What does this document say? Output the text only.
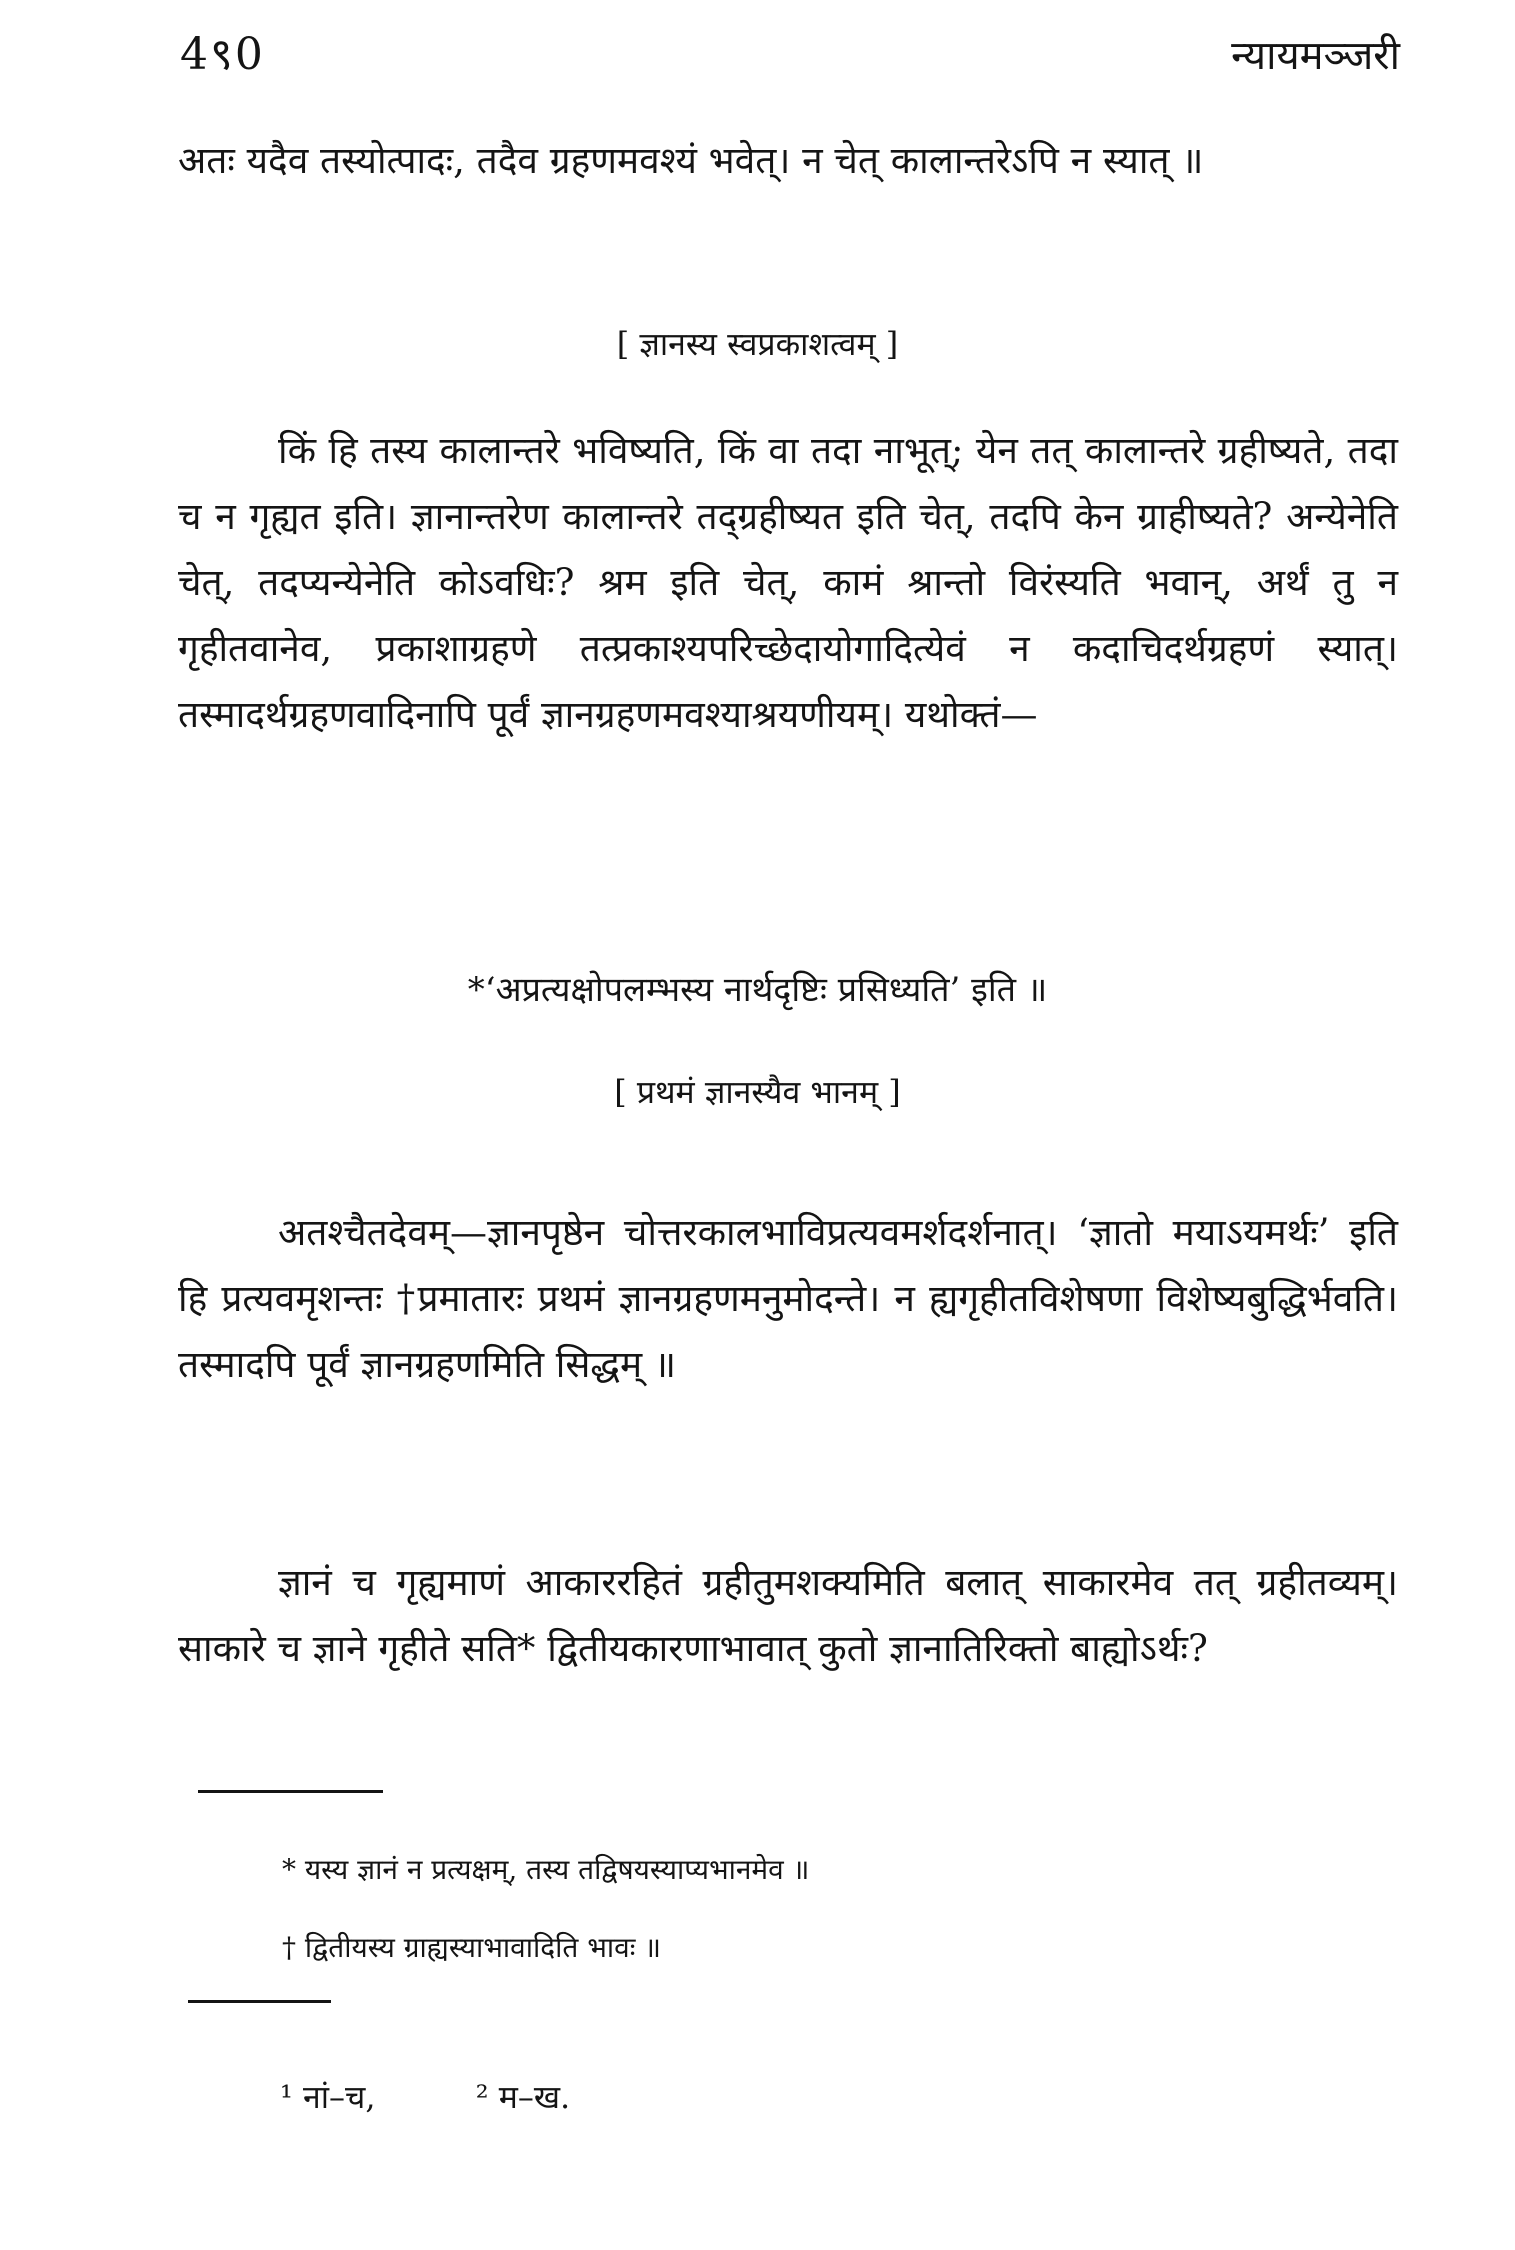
4९0	न्यायमञ्जरी

अतः यदैव तस्योत्पादः, तदैव ग्रहणमवश्यं भवेत्। न चेत् कालान्तरेऽपि न स्यात् ॥

[ ज्ञानस्य स्वप्रकाशत्वम् ]

किं हि तस्य कालान्तरे भविष्यति, किं वा तदा नाभूत्; येन तत् कालान्तरे ग्रहीष्यते, तदा च न गृह्यत इति। ज्ञानान्तरेण कालान्तरे तद्ग्रहीष्यत इति चेत्, तदपि केन ग्राहीष्यते? अन्येनेति चेत्, तदप्यन्येनेति कोऽवधिः? श्रम इति चेत्, कामं श्रान्तो विरंस्यति भवान्, अर्थं तु न गृहीतवानेव, प्रकाशाग्रहणे तत्प्रकाश्यपरिच्छेदायोगादित्येवं न कदाचिदर्थग्रहणं स्यात्। तस्मादर्थग्रहणवादिनापि पूर्वं ज्ञानग्रहणमवश्याश्रयणीयम्। यथोक्तं—

*‘अप्रत्यक्षोपलम्भस्य नार्थदृष्टिः प्रसिध्यति’ इति ॥
[ प्रथमं ज्ञानस्यैव भानम् ]

अतश्चैतदेवम्—ज्ञानपृष्ठेन चोत्तरकालभाविप्रत्यवमर्शदर्शनात्। ‘ज्ञातो मयाऽयमर्थः’ इति हि प्रत्यवमृशन्तः †प्रमातारः प्रथमं ज्ञानग्रहणमनुमोदन्ते। न ह्यगृहीतविशेषणा विशेष्यबुद्धिर्भवति। तस्मादपि पूर्वं ज्ञानग्रहणमिति सिद्धम् ॥

ज्ञानं च गृह्यमाणं आकाररहितं ग्रहीतुमशक्यमिति बलात् साकारमेव तत् ग्रहीतव्यम्। साकारे च ज्ञाने गृहीते सति* द्वितीयकारणाभावात् कुतो ज्ञानातिरिक्तो बाह्योऽर्थः?

* यस्य ज्ञानं न प्रत्यक्षम्, तस्य तद्विषयस्याप्यभानमेव ॥
† द्वितीयस्य ग्राह्यस्याभावादिति भावः ॥
¹ नां–च,	² म–ख.
